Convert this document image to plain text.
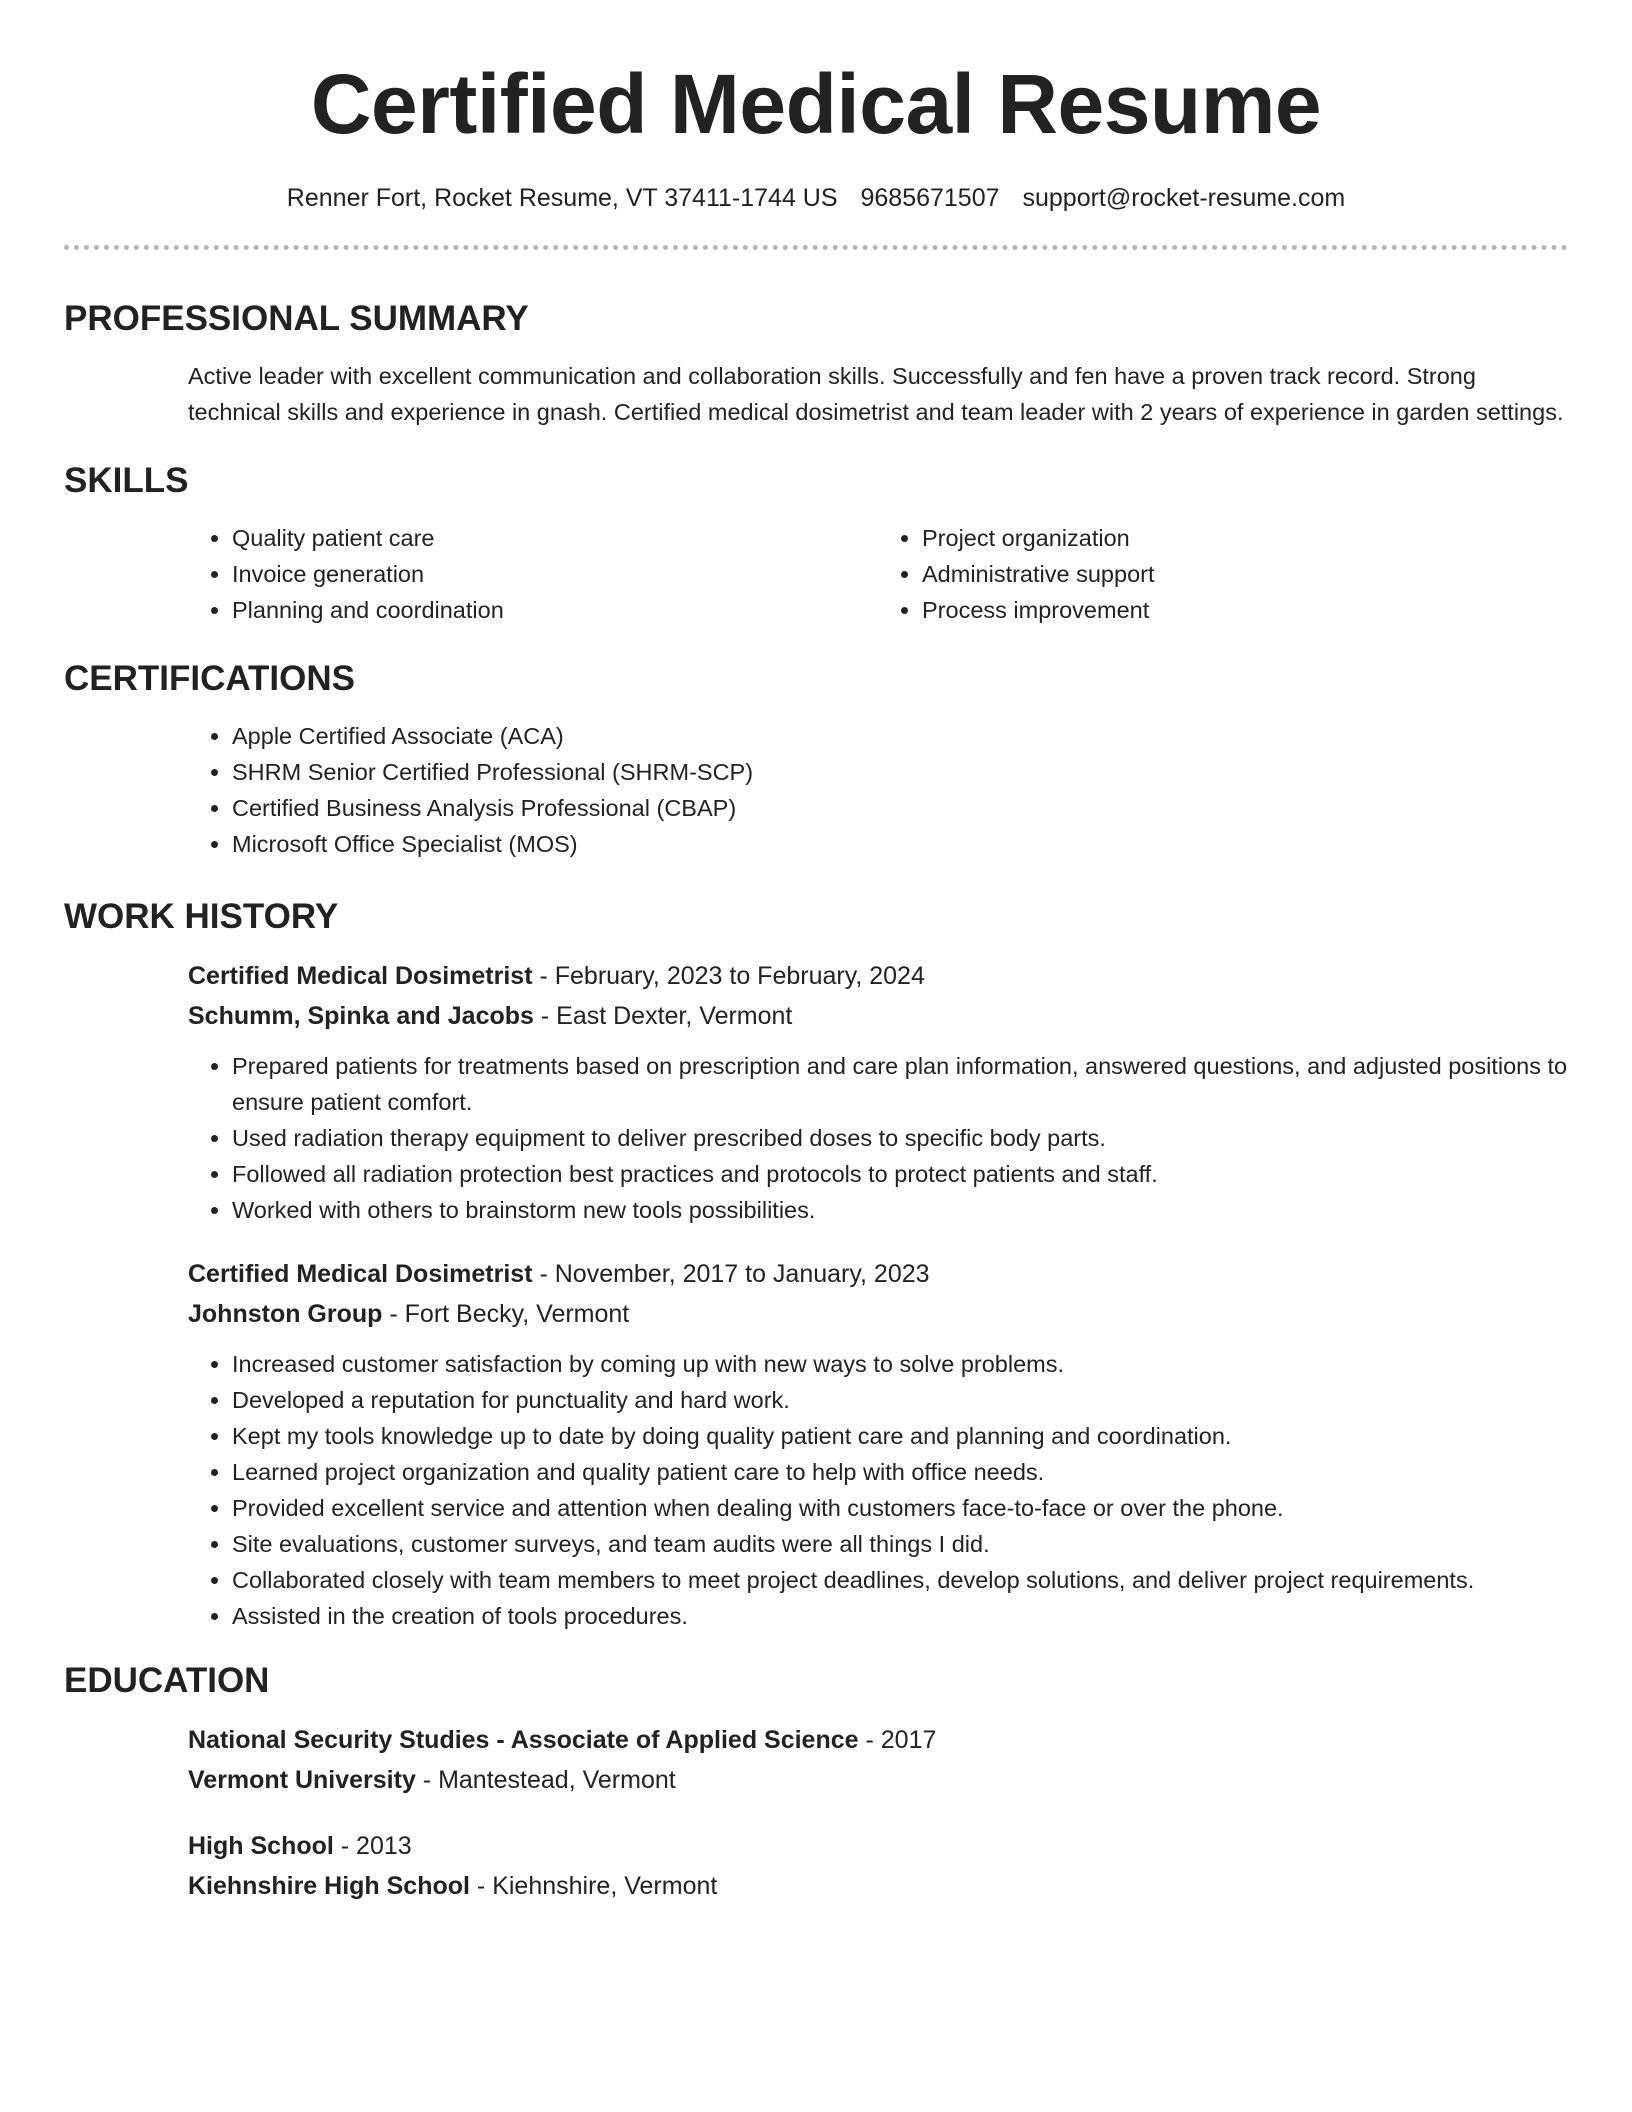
Certified Medical Resume
Renner Fort, Rocket Resume, VT 37411-1744 US 9685671507 support@rocket-resume.com
PROFESSIONAL SUMMARY

Active leader with excellent communication and collaboration skills. Successfully and fen have a proven track record. Strong technical skills and experience in gnash. Certified medical dosimetrist and team leader with 2 years of experience in garden settings.

SKILLS
• Quality patient care
• Invoice generation
• Planning and coordination
• Project organization
• Administrative support
• Process improvement
CERTIFICATIONS
• Apple Certified Associate (ACA)
• SHRM Senior Certified Professional (SHRM-SCP)
• Certified Business Analysis Professional (CBAP)
• Microsoft Office Specialist (MOS)
WORK HISTORY
Certified Medical Dosimetrist - February, 2023 to February, 2024
Schumm, Spinka and Jacobs - East Dexter, Vermont
• Prepared patients for treatments based on prescription and care plan information, answered questions, and adjusted positions to ensure patient comfort.
• Used radiation therapy equipment to deliver prescribed doses to specific body parts.
• Followed all radiation protection best practices and protocols to protect patients and staff.
• Worked with others to brainstorm new tools possibilities.
Certified Medical Dosimetrist - November, 2017 to January, 2023
Johnston Group - Fort Becky, Vermont
• Increased customer satisfaction by coming up with new ways to solve problems.
• Developed a reputation for punctuality and hard work.
• Kept my tools knowledge up to date by doing quality patient care and planning and coordination.
• Learned project organization and quality patient care to help with office needs.
• Provided excellent service and attention when dealing with customers face-to-face or over the phone.
• Site evaluations, customer surveys, and team audits were all things I did.
• Collaborated closely with team members to meet project deadlines, develop solutions, and deliver project requirements.
• Assisted in the creation of tools procedures.
EDUCATION
National Security Studies - Associate of Applied Science - 2017
Vermont University - Mantestead, Vermont
High School - 2013
Kiehnshire High School - Kiehnshire, Vermont
